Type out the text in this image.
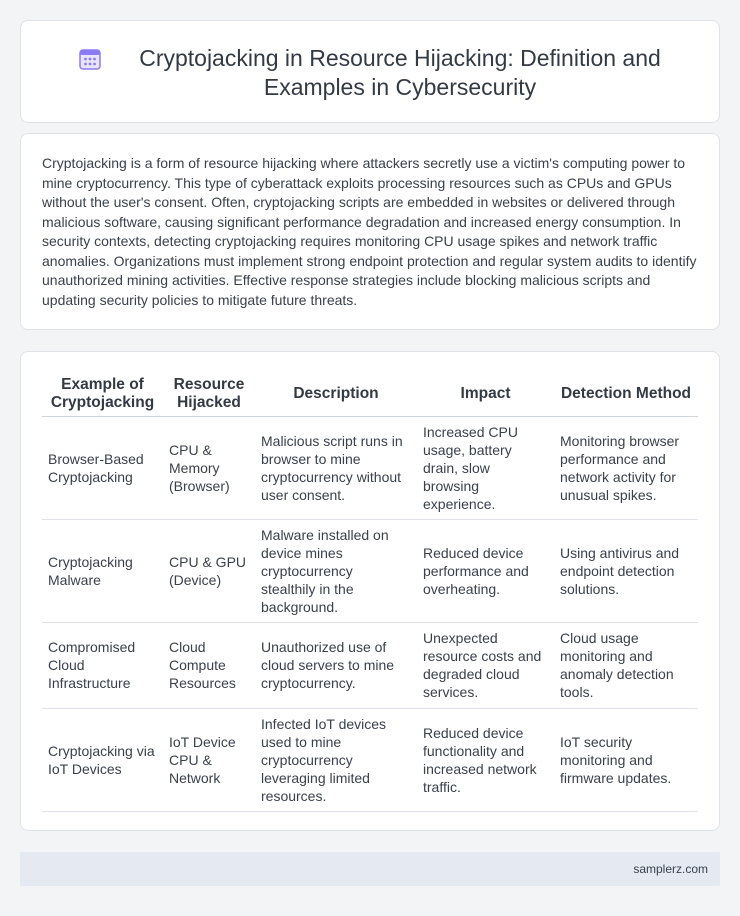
Cryptojacking in Resource Hijacking: Definition and Examples in Cybersecurity

Cryptojacking is a form of resource hijacking where attackers secretly use a victim's computing power to mine cryptocurrency. This type of cyberattack exploits processing resources such as CPUs and GPUs without the user's consent. Often, cryptojacking scripts are embedded in websites or delivered through malicious software, causing significant performance degradation and increased energy consumption. In security contexts, detecting cryptojacking requires monitoring CPU usage spikes and network traffic anomalies. Organizations must implement strong endpoint protection and regular system audits to identify unauthorized mining activities. Effective response strategies include blocking malicious scripts and updating security policies to mitigate future threats.

Example of Cryptojacking	Resource Hijacked	Description	Impact	Detection Method
Browser-Based Cryptojacking	CPU & Memory (Browser)	Malicious script runs in browser to mine cryptocurrency without user consent.	Increased CPU usage, battery drain, slow browsing experience.	Monitoring browser performance and network activity for unusual spikes.
Cryptojacking Malware	CPU & GPU (Device)	Malware installed on device mines cryptocurrency stealthily in the background.	Reduced device performance and overheating.	Using antivirus and endpoint detection solutions.
Compromised Cloud Infrastructure	Cloud Compute Resources	Unauthorized use of cloud servers to mine cryptocurrency.	Unexpected resource costs and degraded cloud services.	Cloud usage monitoring and anomaly detection tools.
Cryptojacking via IoT Devices	IoT Device CPU & Network	Infected IoT devices used to mine cryptocurrency leveraging limited resources.	Reduced device functionality and increased network traffic.	IoT security monitoring and firmware updates.
samplerz.com
